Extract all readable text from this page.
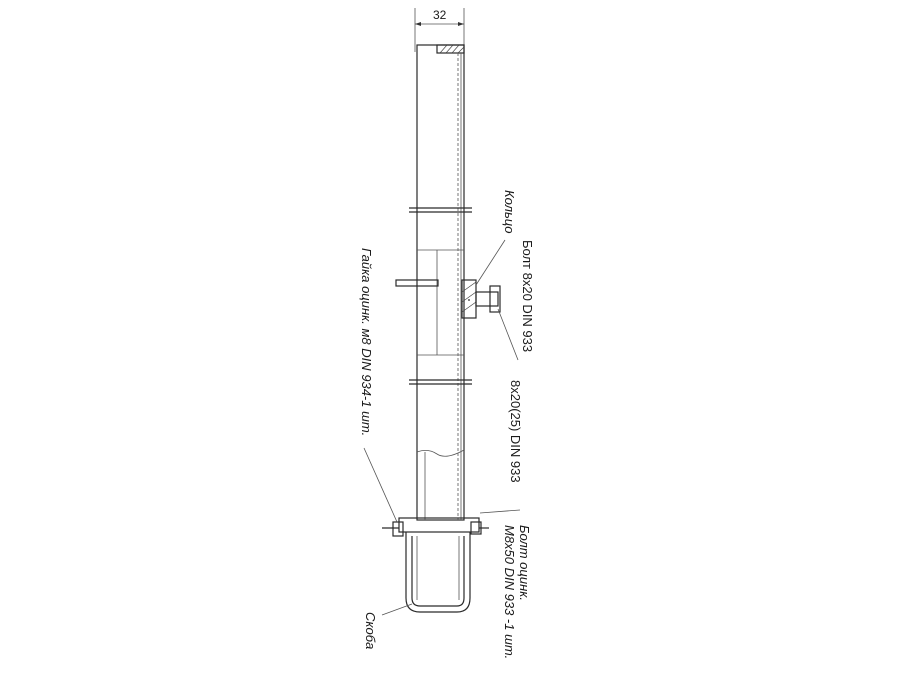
32
Кольцо
Болт 8х20 DIN 933
8х20(25) DIN 933
Болт оцинк.
М8х50 DIN 933 -1 шт.
Гайка оцинк. м8 DIN 934-1 шт.
Скоба
